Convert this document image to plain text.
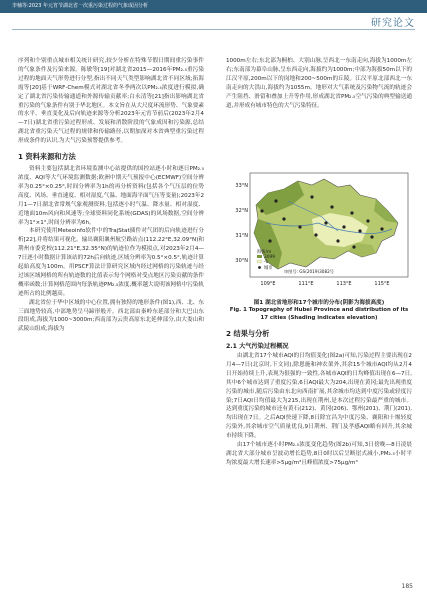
李楠等:2023 年元宵节湖北省一次重污染过程的气象成因分析
研究论文

序列和个别重点城市相关统计研究,较少分析在特殊节假日期间重污染事件的气象条件及污染来源。陈敏等[19]对湖北省2015—2016年PM₂.₅重污染过程的地面天气形势进行分型,指出不同天气类型影响湖北省不同区域;拓海霞等[20]基于WRF-Chem模式对湖北省冬季两次以PM₂.₅浓度进行模拟,确定了湖北省污染传输通道和外源传输贡献率;白永清等[21]指出影响湖北省重污染的气象条件有别于华北地区。本文旨在从大尺度环流形势、气象要素的水平、垂直变化及后向轨迹来源等分析2023年元宵节前后(2023年2月4—7日)湖北省重污染过程形成、发展和消散阶段的气象成因和污染源,总结湖北省重污染天气过程的规律和传输路径,以期加深对本省典型重污染过程形成条件的认识,为大气污染预警提供参考。

1 资料来源和方法

资料主要包括湖北省环境监测中心站提供的国控站逐小时和逐日PM₂.₅浓度、AQI等大气环境监测数据;欧洲中期天气预报中心(ECMWF)空间分辨率为0.25°×0.25°,时间分辨率为1h的再分析资料(包括各个气压层的位势高度、风场、垂直速度、相对湿度,气温、地面海平面气压等变量);2023年2月1—7日湖北省常规气象观测资料,包括逐小时气温、降水量、相对湿度、近地面10m风向和风速等;全球资料同化系统(GDAS)的风场数据,空间分辨率为1°×1°,时间分辨率为6h。

本研究使用Meteoinfo软件中的TrajStat插件对气团的后向轨迹进行分析[22],并将结果可视化。输出襄阳襄州航空路站点(112.22°E,32.09°N)和荆州市委党校(112.21°E,32.35°N)的轨迹位作为模拟点,对2023年2月4—7日逐小时数据计算该站的72h后向轨迹,区域分辨率为0.5°×0.5°,轨迹计算起始高度为100m。用PSCF算法计算研究区域内经过网格的污染轨迹与经过该区域网格的所有轨迹数的比值表示每个网格对受点地区污染贡献的条件概率函数;计算网格范围内每条轨迹PM₂.₅浓度,概率越大说明该网格中污染轨迹所占的比例越高。

湖北省位于华中区域的中心位置,拥有独特的地形条件(图1),西、北、东三面地势较高,中部地势呈马蹄形般开。西北部由秦岭东延部分和大巴山东段组成,海拔为1000~3000m;西南部为云贵高原东北延伸部分,由大娄山和武陵山组成,海拔为

1000m左右;东北部为桐柏、大别山脉,呈西北一东南走向,海拔为1000m左右;东南部为幕阜山脉,呈东西走向,海拔约为1000m;中部为海拔50m以下的江汉平原,200m以下的岗地和200~500m的丘陵。江汉平原北部西北一东南走向的大洪山,海拔约为1055m。地形对大气系统及污染物气流的轨迹会产生阻挡、滑留和叠加上升等作用,形成湖北省PM₂.₅空气污染的典型输送通道,并形成有城市特色的大气污染特征。

33°N
32°N
31°N
30°N
109°E	111°E	113°E	115°E
海拔/m
3099
-1
城市
审图号: GS(2019)3082号
图1 湖北省地形和17个城市的分布(阴影为海拔高度)
Fig. 1 Topography of Hubei Province and distribution of its 17 cities (Shading indicates elevation)
2 结果与分析
2.1 大气污染过程概况

由湖北省17个城市AQI的日均值变化(图2a)可知,污染过程主要出现在2月4—7日(北京时,下文同),除恩施和神农架外,其余15个城市AQI均从2月4日开始持续上升,表现为很强的一致性,各城市AQI的日均峰值出现在6—7日,其中6个城市达到了重度污染,6日AQI最大为204,出现在黄冈;最先出现重度污染的城市,随后污染由东北向西南扩展,其余城市均达到中度污染或轻度污染;7日AQI日均值最大为215,出现在荆州,是本次过程污染最严重的城市。达到重度污染的城市还有黄石(212)、黄冈(206)、鄂州(201)、荆门(201),均出现在7日。之后AQI快速下降,8日除宜昌为中度污染、襄阳和十堰轻度污染外,其余城市空气质量优良,9日荆州、荆门及孝感AQI略有回升,其余城市持续下降。

由17个城市逐小时PM₂.₅浓度变化趋势(图2b)可知,3日傍晚—8日凌晨湖北省大部分城市呈波动增长趋势,8日0时以后呈断崖式减小,PM₂.₅小时平均浓度最大增长速率>5μg/m³且峰值浓度>75μg/m³

185
